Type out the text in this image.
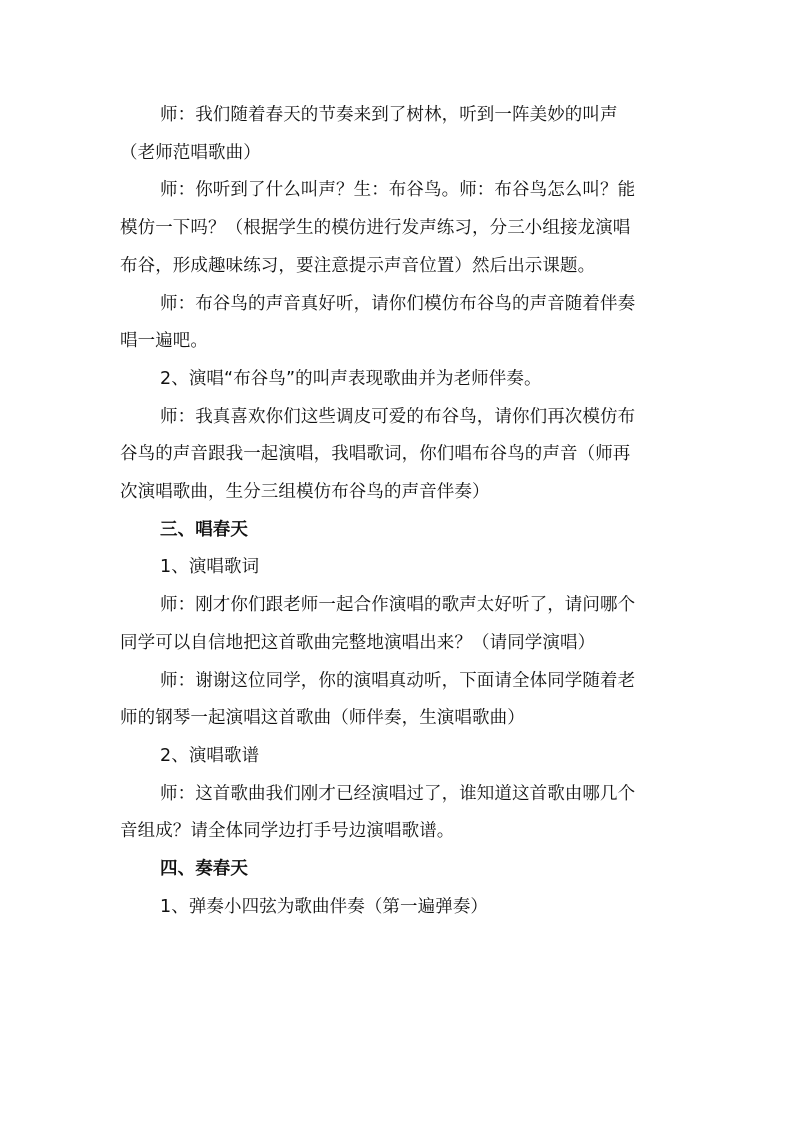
师：我们随着春天的节奏来到了树林，听到一阵美妙的叫声

（老师范唱歌曲）

师：你听到了什么叫声？生：布谷鸟。师：布谷鸟怎么叫？能

模仿一下吗？（根据学生的模仿进行发声练习，分三小组接龙演唱

布谷，形成趣味练习，要注意提示声音位置）然后出示课题。

师：布谷鸟的声音真好听，请你们模仿布谷鸟的声音随着伴奏

唱一遍吧。

2、演唱“布谷鸟”的叫声表现歌曲并为老师伴奏。

师：我真喜欢你们这些调皮可爱的布谷鸟，请你们再次模仿布

谷鸟的声音跟我一起演唱，我唱歌词，你们唱布谷鸟的声音（师再

次演唱歌曲，生分三组模仿布谷鸟的声音伴奏）

三、唱春天

1、演唱歌词

师：刚才你们跟老师一起合作演唱的歌声太好听了，请问哪个

同学可以自信地把这首歌曲完整地演唱出来？（请同学演唱）

师：谢谢这位同学，你的演唱真动听，下面请全体同学随着老

师的钢琴一起演唱这首歌曲（师伴奏，生演唱歌曲）

2、演唱歌谱

师：这首歌曲我们刚才已经演唱过了，谁知道这首歌由哪几个

音组成？请全体同学边打手号边演唱歌谱。

四、奏春天

1、弹奏小四弦为歌曲伴奏（第一遍弹奏）
